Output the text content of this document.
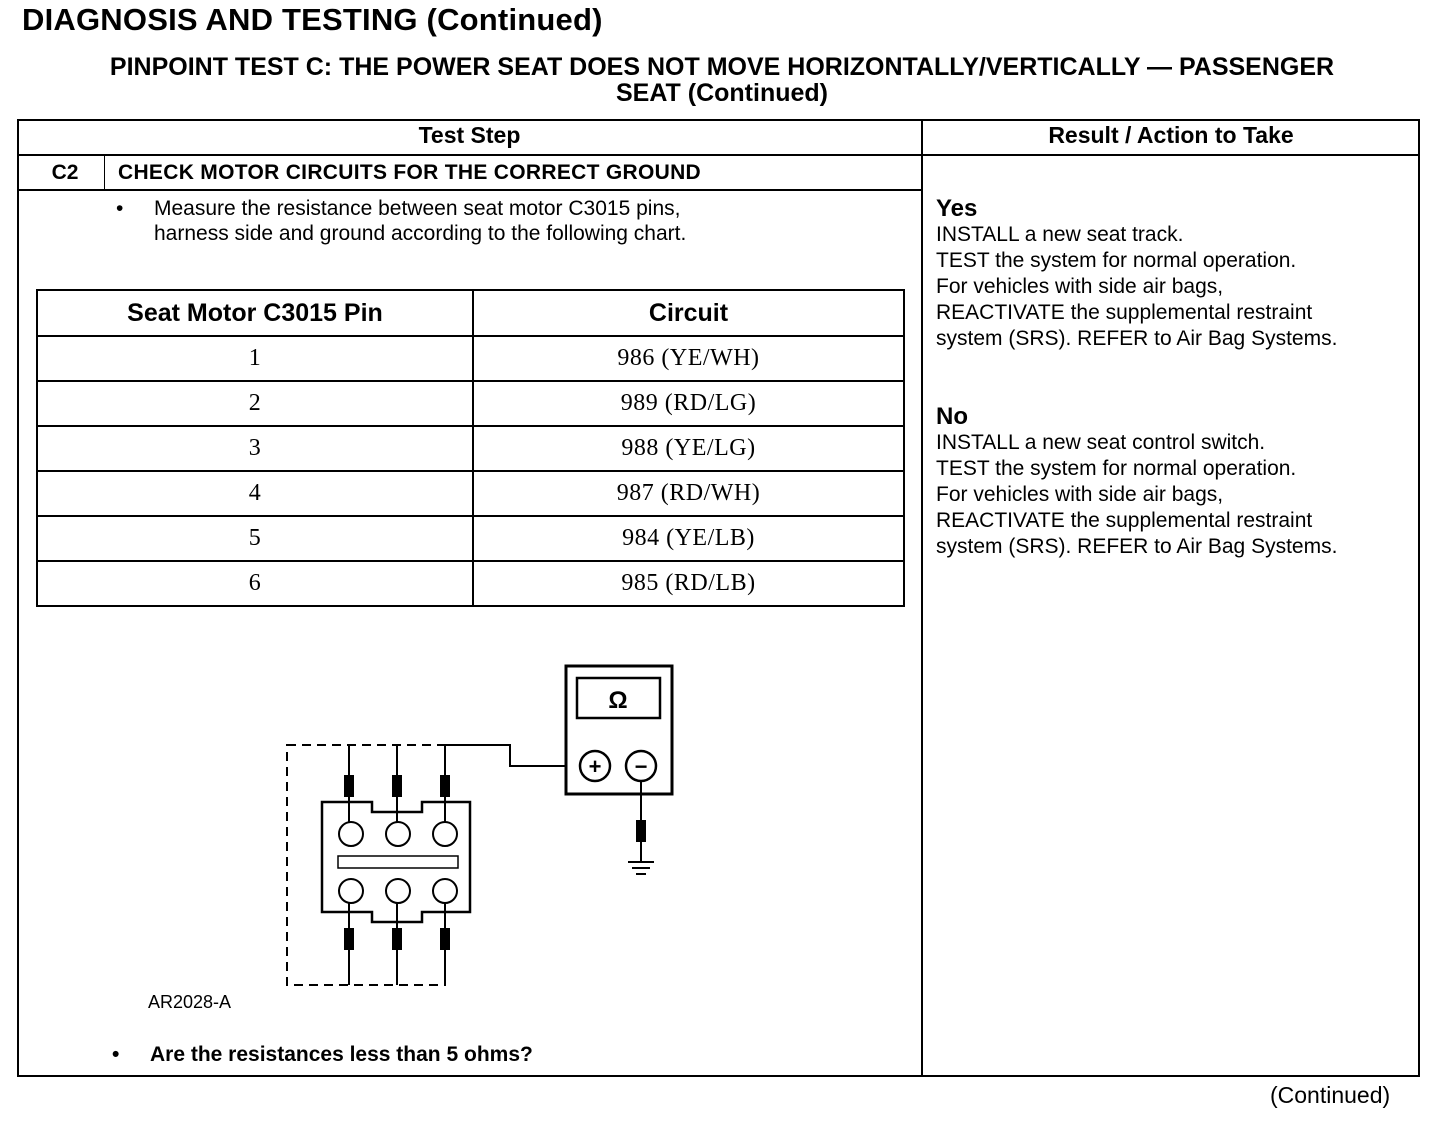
DIAGNOSIS AND TESTING (Continued)
PINPOINT TEST C: THE POWER SEAT DOES NOT MOVE HORIZONTALLY/VERTICALLY — PASSENGER
SEAT (Continued)
Test Step	Result / Action to Take
C2	CHECK MOTOR CIRCUITS FOR THE CORRECT GROUND
• Measure the resistance between seat motor C3015 pins,
harness side and ground according to the following chart.
Seat Motor C3015 Pin	Circuit
1	986 (YE/WH)
2	989 (RD/LG)
3	988 (YE/LG)
4	987 (RD/WH)
5	984 (YE/LB)
6	985 (RD/LB)
Ω
+ −
AR2028-A
• Are the resistances less than 5 ohms?
Yes
INSTALL a new seat track.
TEST the system for normal operation.
For vehicles with side air bags,
REACTIVATE the supplemental restraint
system (SRS). REFER to Air Bag Systems.
No
INSTALL a new seat control switch.
TEST the system for normal operation.
For vehicles with side air bags,
REACTIVATE the supplemental restraint
system (SRS). REFER to Air Bag Systems.
(Continued)
